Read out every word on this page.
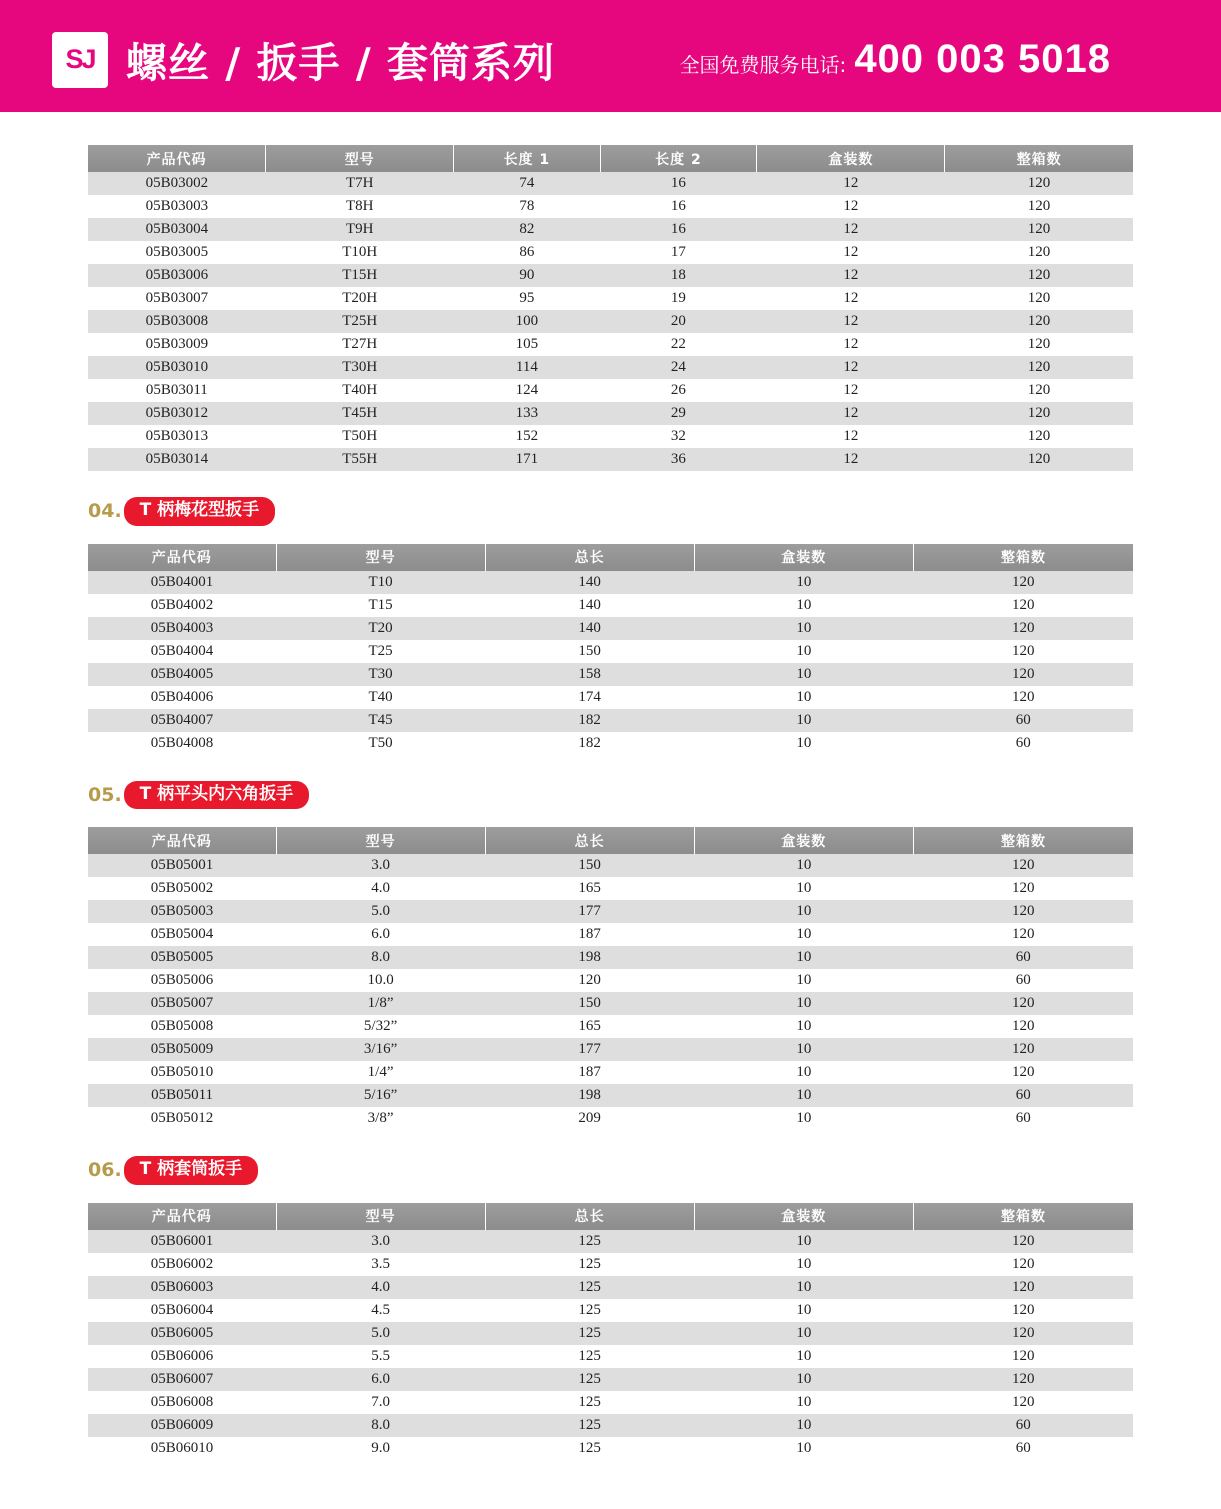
SJ 螺丝 / 扳手 / 套筒系列	全国免费服务电话: 400 003 5018
产品代码	型号	长度 1	长度 2	盒装数	整箱数
05B03002	T7H	74	16	12	120
05B03003	T8H	78	16	12	120
05B03004	T9H	82	16	12	120
05B03005	T10H	86	17	12	120
05B03006	T15H	90	18	12	120
05B03007	T20H	95	19	12	120
05B03008	T25H	100	20	12	120
05B03009	T27H	105	22	12	120
05B03010	T30H	114	24	12	120
05B03011	T40H	124	26	12	120
05B03012	T45H	133	29	12	120
05B03013	T50H	152	32	12	120
05B03014	T55H	171	36	12	120
04.	T 柄梅花型扳手
产品代码	型号	总长	盒装数	整箱数
05B04001	T10	140	10	120
05B04002	T15	140	10	120
05B04003	T20	140	10	120
05B04004	T25	150	10	120
05B04005	T30	158	10	120
05B04006	T40	174	10	120
05B04007	T45	182	10	60
05B04008	T50	182	10	60
05.	T 柄平头内六角扳手
产品代码	型号	总长	盒装数	整箱数
05B05001	3.0	150	10	120
05B05002	4.0	165	10	120
05B05003	5.0	177	10	120
05B05004	6.0	187	10	120
05B05005	8.0	198	10	60
05B05006	10.0	120	10	60
05B05007	1/8”	150	10	120
05B05008	5/32”	165	10	120
05B05009	3/16”	177	10	120
05B05010	1/4”	187	10	120
05B05011	5/16”	198	10	60
05B05012	3/8”	209	10	60
06.	T 柄套筒扳手
产品代码	型号	总长	盒装数	整箱数
05B06001	3.0	125	10	120
05B06002	3.5	125	10	120
05B06003	4.0	125	10	120
05B06004	4.5	125	10	120
05B06005	5.0	125	10	120
05B06006	5.5	125	10	120
05B06007	6.0	125	10	120
05B06008	7.0	125	10	120
05B06009	8.0	125	10	60
05B06010	9.0	125	10	60
